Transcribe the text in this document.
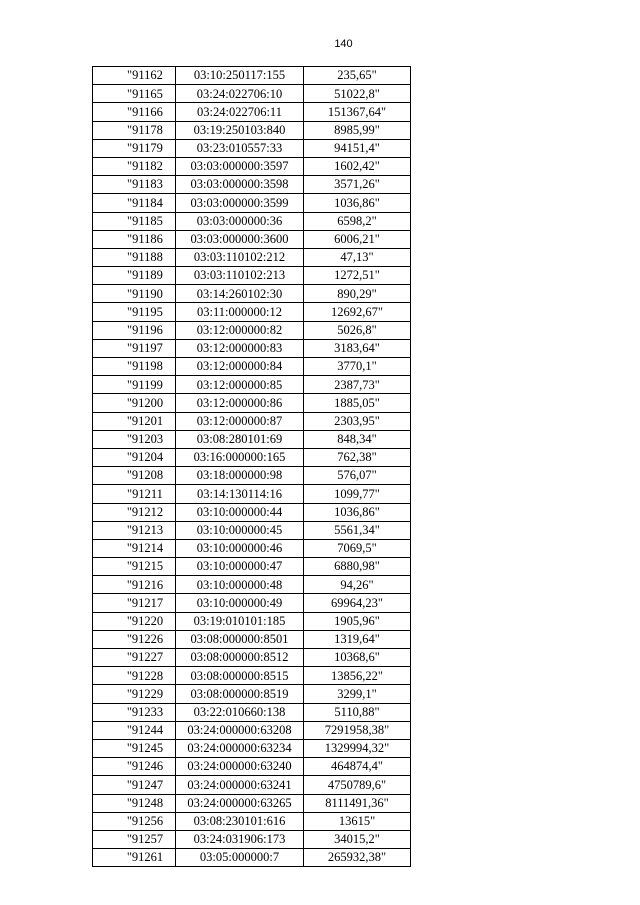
140
"91162	03:10:250117:155	235,65"
"91165	03:24:022706:10	51022,8"
"91166	03:24:022706:11	151367,64"
"91178	03:19:250103:840	8985,99"
"91179	03:23:010557:33	94151,4"
"91182	03:03:000000:3597	1602,42"
"91183	03:03:000000:3598	3571,26"
"91184	03:03:000000:3599	1036,86"
"91185	03:03:000000:36	6598,2"
"91186	03:03:000000:3600	6006,21"
"91188	03:03:110102:212	47,13"
"91189	03:03:110102:213	1272,51"
"91190	03:14:260102:30	890,29"
"91195	03:11:000000:12	12692,67"
"91196	03:12:000000:82	5026,8"
"91197	03:12:000000:83	3183,64"
"91198	03:12:000000:84	3770,1"
"91199	03:12:000000:85	2387,73"
"91200	03:12:000000:86	1885,05"
"91201	03:12:000000:87	2303,95"
"91203	03:08:280101:69	848,34"
"91204	03:16:000000:165	762,38"
"91208	03:18:000000:98	576,07"
"91211	03:14:130114:16	1099,77"
"91212	03:10:000000:44	1036,86"
"91213	03:10:000000:45	5561,34"
"91214	03:10:000000:46	7069,5"
"91215	03:10:000000:47	6880,98"
"91216	03:10:000000:48	94,26"
"91217	03:10:000000:49	69964,23"
"91220	03:19:010101:185	1905,96"
"91226	03:08:000000:8501	1319,64"
"91227	03:08:000000:8512	10368,6"
"91228	03:08:000000:8515	13856,22"
"91229	03:08:000000:8519	3299,1"
"91233	03:22:010660:138	5110,88"
"91244	03:24:000000:63208	7291958,38"
"91245	03:24:000000:63234	1329994,32"
"91246	03:24:000000:63240	464874,4"
"91247	03:24:000000:63241	4750789,6"
"91248	03:24:000000:63265	8111491,36"
"91256	03:08:230101:616	13615"
"91257	03:24:031906:173	34015,2"
"91261	03:05:000000:7	265932,38"
